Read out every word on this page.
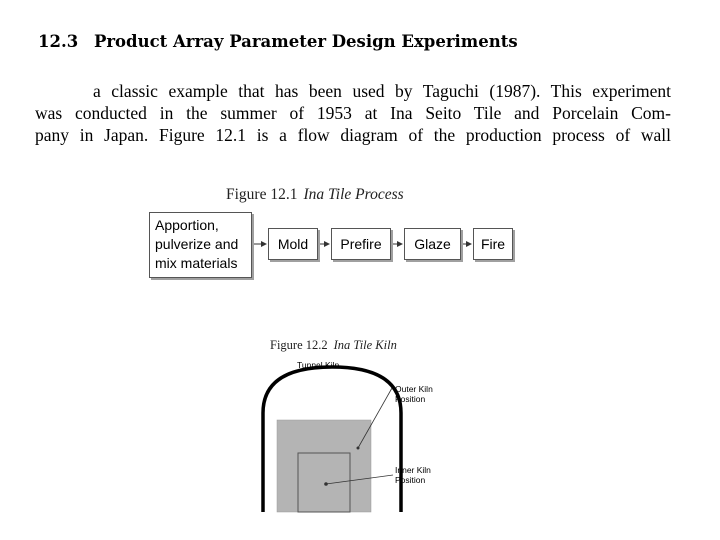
12.3 Product Array Parameter Design Experiments
a classic example that has been used by Taguchi (1987). This experiment
was conducted in the summer of 1953 at Ina Seito Tile and Porcelain Com-
pany in Japan. Figure 12.1 is a flow diagram of the production process of wall
Figure 12.1 Ina Tile Process
Apportion,
pulverize and
mix materials
Mold	Prefire	Glaze	Fire
Figure 12.2 Ina Tile Kiln
Tunnel Kiln
Outer Kiln
Position
Inner Kiln
Position
